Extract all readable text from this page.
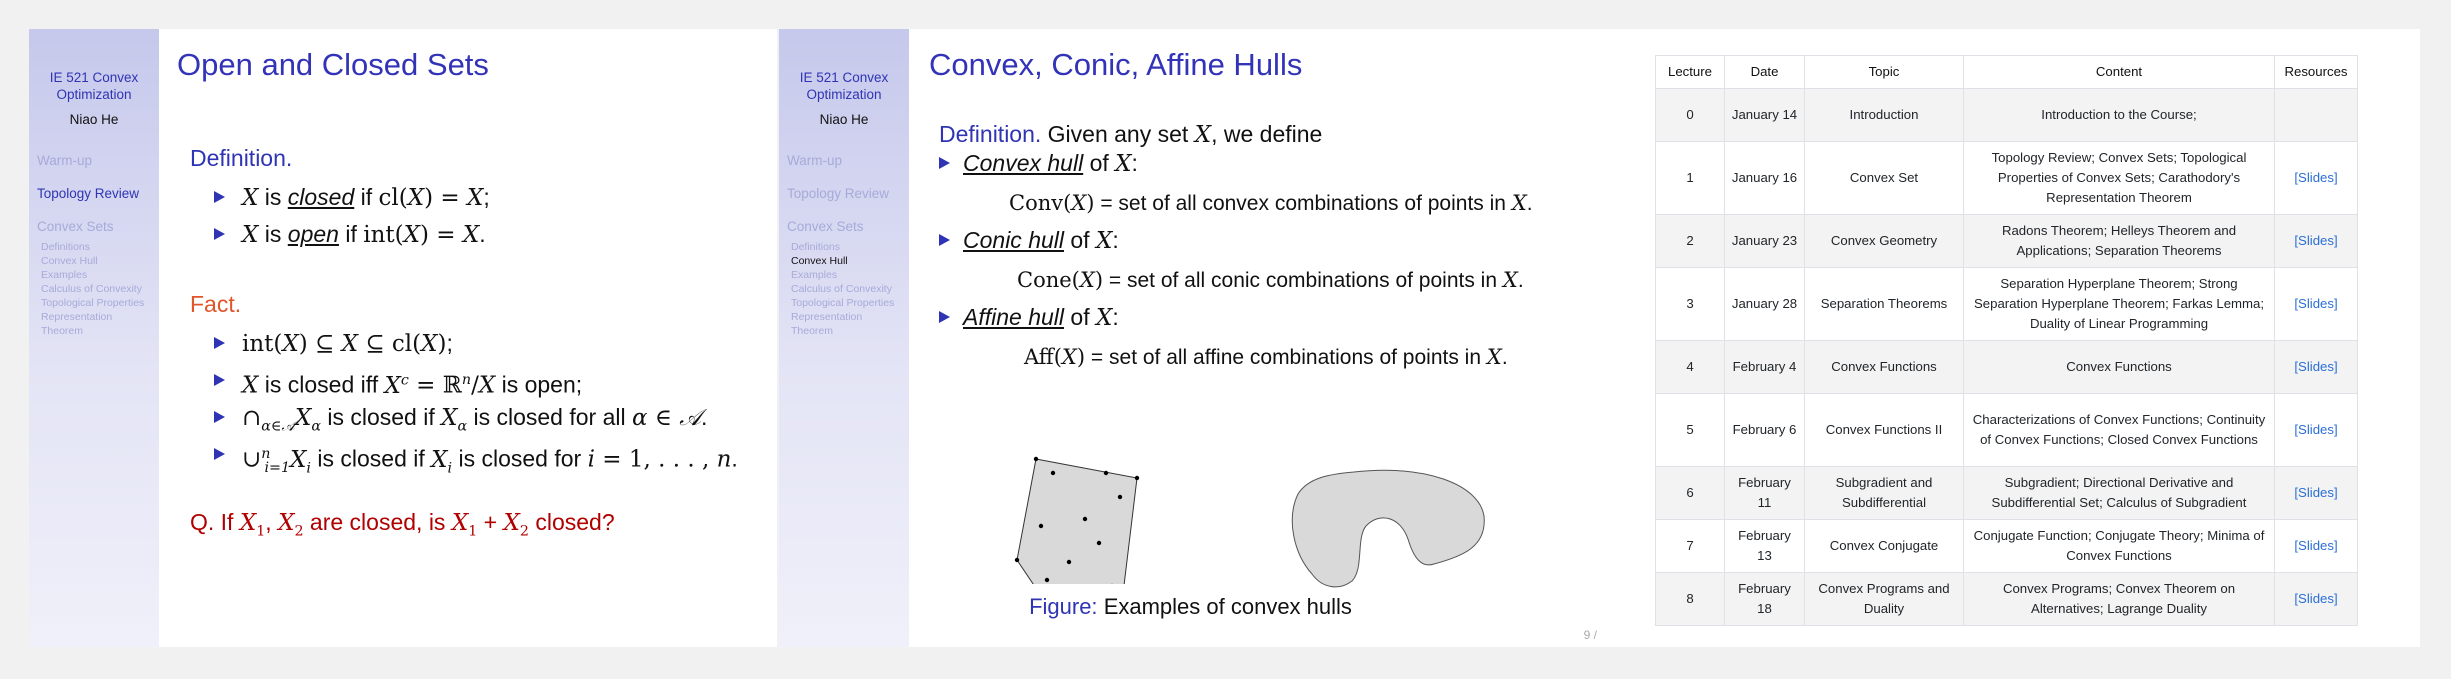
IE 521 Convex Optimization
Niao He
Warm-up
Topology Review
Convex Sets
Definitions
Convex Hull
Examples
Calculus of Convexity
Topological Properties
Representation Theorem
Open and Closed Sets
Definition.
X is closed if cl(X) = X;
X is open if int(X) = X.
Fact.
int(X) ⊆ X ⊆ cl(X);
X is closed iff $X^c$ = ℝ$^n$/X is open;
$\cap_{\alpha\in 𝒜}X_\alpha$ is closed if $X_\alpha$ is closed for all α ∈ 𝒜.
$\cup^n_{i=1}X_i$ is closed if $X_i$ is closed for i = 1, . . . , n.
Q. If $X_1$, $X_2$ are closed, is $X_1 + X_2$ closed?
IE 521 Convex Optimization
Niao He
Warm-up
Topology Review
Convex Sets
Definitions
Convex Hull
Examples
Calculus of Convexity
Topological Properties
Representation Theorem
Convex, Conic, Affine Hulls
Definition. Given any set X, we define
Convex hull of X:
Conv(X) = set of all convex combinations of points in X.
Conic hull of X:
Cone(X) = set of all conic combinations of points in X.
Affine hull of X:
Aff(X) = set of all affine combinations of points in X.
Figure: Examples of convex hulls
9 /
Lecture	Date	Topic	Content	Resources
0	January 14	Introduction	Introduction to the Course;	
1	January 16	Convex Set	Topology Review; Convex Sets; Topological Properties of Convex Sets; Carathodory's Representation Theorem	[Slides]
2	January 23	Convex Geometry	Radons Theorem; Helleys Theorem and Applications; Separation Theorems	[Slides]
3	January 28	Separation Theorems	Separation Hyperplane Theorem; Strong Separation Hyperplane Theorem; Farkas Lemma; Duality of Linear Programming	[Slides]
4	February 4	Convex Functions	Convex Functions	[Slides]
5	February 6	Convex Functions II	Characterizations of Convex Functions; Continuity of Convex Functions; Closed Convex Functions	[Slides]
6	February 11	Subgradient and Subdifferential	Subgradient; Directional Derivative and Subdifferential Set; Calculus of Subgradient	[Slides]
7	February 13	Convex Conjugate	Conjugate Function; Conjugate Theory; Minima of Convex Functions	[Slides]
8	February 18	Convex Programs and Duality	Convex Programs; Convex Theorem on Alternatives; Lagrange Duality	[Slides]
